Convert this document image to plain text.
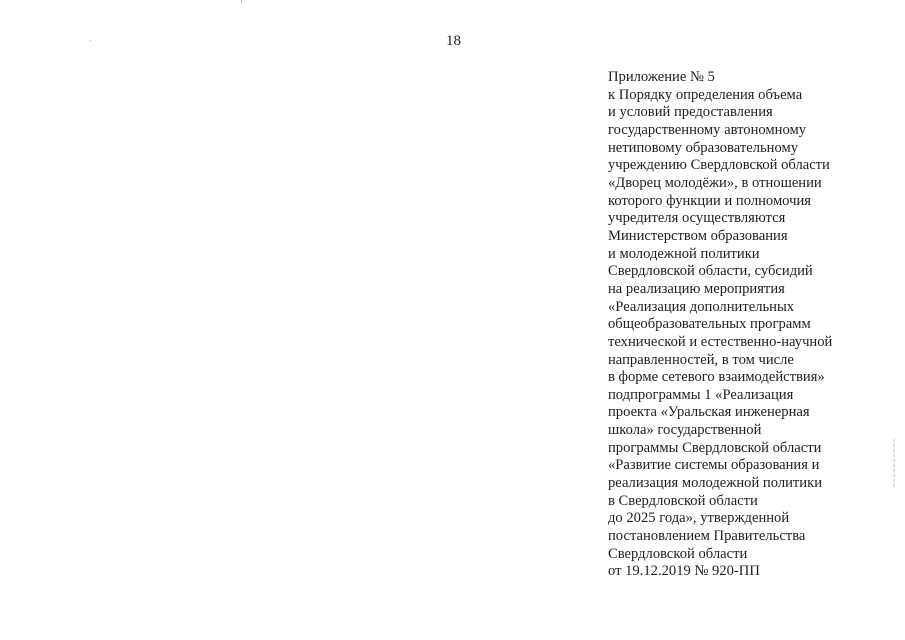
18
Приложение № 5
к Порядку определения объема
и условий предоставления
государственному автономному
нетиповому образовательному
учреждению Свердловской области
«Дворец молодёжи», в отношении
которого функции и полномочия
учредителя осуществляются
Министерством образования
и молодежной политики
Свердловской области, субсидий
на реализацию мероприятия
«Реализация дополнительных
общеобразовательных программ
технической и естественно-научной
направленностей, в том числе
в форме сетевого взаимодействия»
подпрограммы 1 «Реализация
проекта «Уральская инженерная
школа» государственной
программы Свердловской области
«Развитие системы образования и
реализация молодежной политики
в Свердловской области
до 2025 года», утвержденной
постановлением Правительства
Свердловской области
от 19.12.2019 № 920-ПП
